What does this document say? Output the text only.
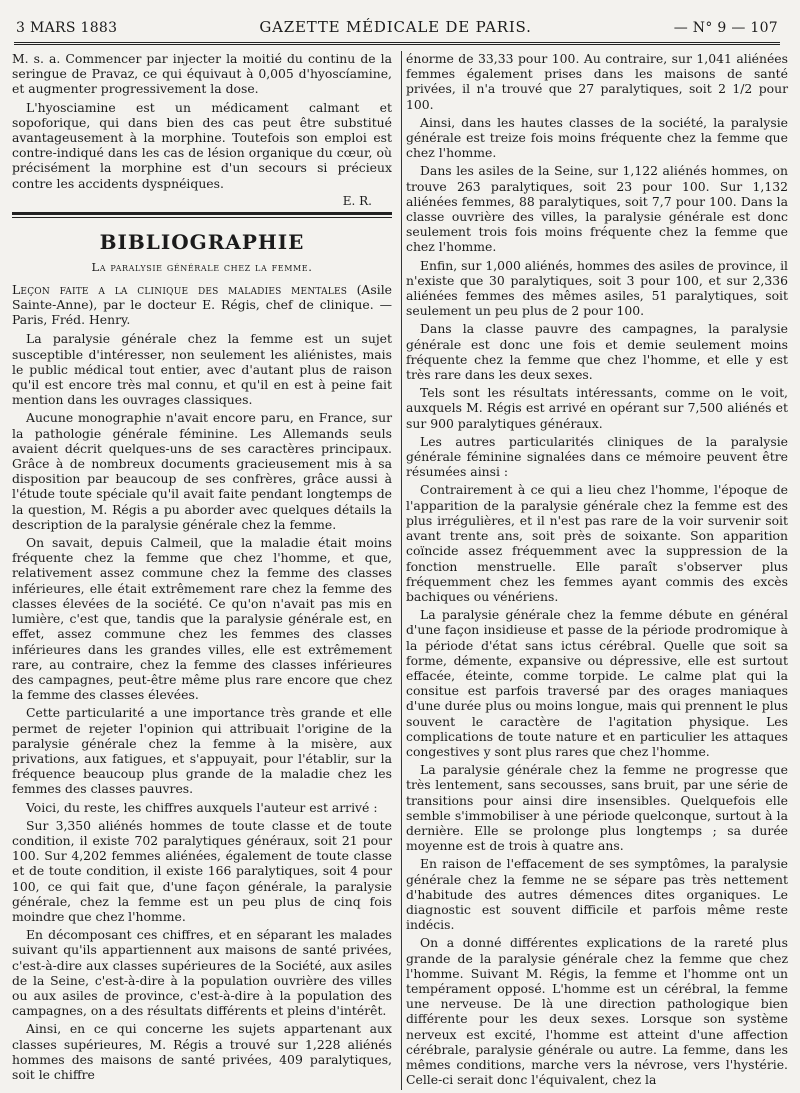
3 MARS 1883	GAZETTE MÉDICALE DE PARIS.	— N° 9 — 107

M. s. a. Commencer par injecter la moitié du continu de la seringue de Pravaz, ce qui équivaut à 0,005 d'hyoscíamine, et augmenter progressivement la dose.

L'hyosciamine est un médicament calmant et sopoforique, qui dans bien des cas peut être substitué avantageusement à la morphine. Toutefois son emploi est contre-indiqué dans les cas de lésion organique du cœur, où précisément la morphine est d'un secours si précieux contre les accidents dyspnéiques.

E. R.
BIBLIOGRAPHIE
La paralysie générale chez la femme.
Leçon faite a la clinique des maladies mentales (Asile Sainte-Anne), par le docteur E. Régis, chef de clinique. — Paris, Fréd. Henry.

La paralysie générale chez la femme est un sujet susceptible d'intéresser, non seulement les aliénistes, mais le public médical tout entier, avec d'autant plus de raison qu'il est encore très mal connu, et qu'il en est à peine fait mention dans les ouvrages classiques.

Aucune monographie n'avait encore paru, en France, sur la pathologie générale féminine. Les Allemands seuls avaient décrit quelques-uns de ses caractères principaux. Grâce à de nombreux documents gracieusement mis à sa disposition par beaucoup de ses confrères, grâce aussi à l'étude toute spéciale qu'il avait faite pendant longtemps de la question, M. Régis a pu aborder avec quelques détails la description de la paralysie générale chez la femme.

On savait, depuis Calmeil, que la maladie était moins fréquente chez la femme que chez l'homme, et que, relativement assez commune chez la femme des classes inférieures, elle était extrêmement rare chez la femme des classes élevées de la société. Ce qu'on n'avait pas mis en lumière, c'est que, tandis que la paralysie générale est, en effet, assez commune chez les femmes des classes inférieures dans les grandes villes, elle est extrêmement rare, au contraire, chez la femme des classes inférieures des campagnes, peut-être même plus rare encore que chez la femme des classes élevées.

Cette particularité a une importance très grande et elle permet de rejeter l'opinion qui attribuait l'origine de la paralysie générale chez la femme à la misère, aux privations, aux fatigues, et s'appuyait, pour l'établir, sur la fréquence beaucoup plus grande de la maladie chez les femmes des classes pauvres.

Voici, du reste, les chiffres auxquels l'auteur est arrivé :

Sur 3,350 aliénés hommes de toute classe et de toute condition, il existe 702 paralytiques généraux, soit 21 pour 100. Sur 4,202 femmes aliénées, également de toute classe et de toute condition, il existe 166 paralytiques, soit 4 pour 100, ce qui fait que, d'une façon générale, la paralysie générale, chez la femme est un peu plus de cinq fois moindre que chez l'homme.

En décomposant ces chiffres, et en séparant les malades suivant qu'ils appartiennent aux maisons de santé privées, c'est-à-dire aux classes supérieures de la Société, aux asiles de la Seine, c'est-à-dire à la population ouvrière des villes ou aux asiles de province, c'est-à-dire à la population des campagnes, on a des résultats différents et pleins d'intérêt.

Ainsi, en ce qui concerne les sujets appartenant aux classes supérieures, M. Régis a trouvé sur 1,228 aliénés hommes des maisons de santé privées, 409 paralytiques, soit le chiffre

énorme de 33,33 pour 100. Au contraire, sur 1,041 aliénées femmes également prises dans les maisons de santé privées, il n'a trouvé que 27 paralytiques, soit 2 1/2 pour 100.

Ainsi, dans les hautes classes de la société, la paralysie générale est treize fois moins fréquente chez la femme que chez l'homme.

Dans les asiles de la Seine, sur 1,122 aliénés hommes, on trouve 263 paralytiques, soit 23 pour 100. Sur 1,132 aliénées femmes, 88 paralytiques, soit 7,7 pour 100. Dans la classe ouvrière des villes, la paralysie générale est donc seulement trois fois moins fréquente chez la femme que chez l'homme.

Enfin, sur 1,000 aliénés, hommes des asiles de province, il n'existe que 30 paralytiques, soit 3 pour 100, et sur 2,336 aliénées femmes des mêmes asiles, 51 paralytiques, soit seulement un peu plus de 2 pour 100.

Dans la classe pauvre des campagnes, la paralysie générale est donc une fois et demie seulement moins fréquente chez la femme que chez l'homme, et elle y est très rare dans les deux sexes.

Tels sont les résultats intéressants, comme on le voit, auxquels M. Régis est arrivé en opérant sur 7,500 aliénés et sur 900 paralytiques généraux.

Les autres particularités cliniques de la paralysie générale féminine signalées dans ce mémoire peuvent être résumées ainsi :

Contrairement à ce qui a lieu chez l'homme, l'époque de l'apparition de la paralysie générale chez la femme est des plus irrégulières, et il n'est pas rare de la voir survenir soit avant trente ans, soit près de soixante. Son apparition coïncide assez fréquemment avec la suppression de la fonction menstruelle. Elle paraît s'observer plus fréquemment chez les femmes ayant commis des excès bachiques ou vénériens.

La paralysie générale chez la femme débute en général d'une façon insidieuse et passe de la période prodromique à la période d'état sans ictus cérébral. Quelle que soit sa forme, démente, expansive ou dépressive, elle est surtout effacée, éteinte, comme torpide. Le calme plat qui la consitue est parfois traversé par des orages maniaques d'une durée plus ou moins longue, mais qui prennent le plus souvent le caractère de l'agitation physique. Les complications de toute nature et en particulier les attaques congestives y sont plus rares que chez l'homme.

La paralysie générale chez la femme ne progresse que très lentement, sans secousses, sans bruit, par une série de transitions pour ainsi dire insensibles. Quelquefois elle semble s'immobiliser à une période quelconque, surtout à la dernière. Elle se prolonge plus longtemps ; sa durée moyenne est de trois à quatre ans.

En raison de l'effacement de ses symptômes, la paralysie générale chez la femme ne se sépare pas très nettement d'habitude des autres démences dites organiques. Le diagnostic est souvent difficile et parfois même reste indécis.

On a donné différentes explications de la rareté plus grande de la paralysie générale chez la femme que chez l'homme. Suivant M. Régis, la femme et l'homme ont un tempérament opposé. L'homme est un cérébral, la femme une nerveuse. De là une direction pathologique bien différente pour les deux sexes. Lorsque son système nerveux est excité, l'homme est atteint d'une affection cérébrale, paralysie générale ou autre. La femme, dans les mêmes conditions, marche vers la névrose, vers l'hystérie. Celle-ci serait donc l'équivalent, chez la
